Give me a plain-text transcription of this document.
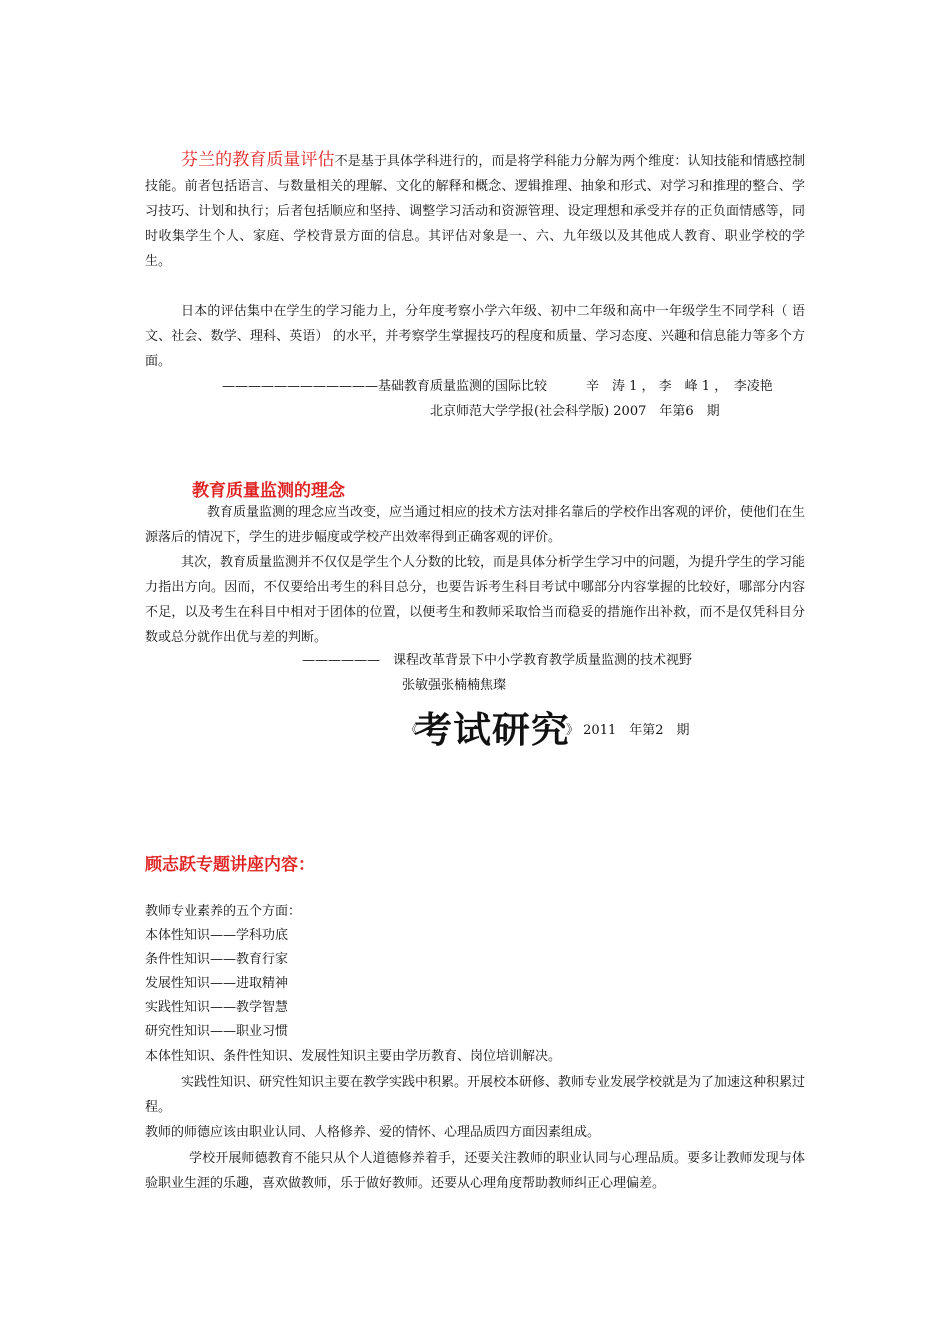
芬兰的教育质量评估不是基于具体学科进行的，而是将学科能力分解为两个维度：认知技能和情感控制技能。前者包括语言、与数量相关的理解、文化的解释和概念、逻辑推理、抽象和形式、对学习和推理的整合、学习技巧、计划和执行；后者包括顺应和坚持、调整学习活动和资源管理、设定理想和承受并存的正负面情感等，同时收集学生个人、家庭、学校背景方面的信息。其评估对象是一、六、九年级以及其他成人教育、职业学校的学生。

日本的评估集中在学生的学习能力上，分年度考察小学六年级、初中二年级和高中一年级学生不同学科（ 语文、社会、数学、理科、英语） 的水平，并考察学生掌握技巧的程度和质量、学习态度、兴趣和信息能力等多个方面。

————————————基础教育质量监测的国际比较　　　辛　涛 1 ， 李　峰 1 ，　李凌艳
北京师范大学学报(社会科学版) 2007　年第6　期
教育质量监测的理念

教育质量监测的理念应当改变，应当通过相应的技术方法对排名靠后的学校作出客观的评价，使他们在生源落后的情况下，学生的进步幅度或学校产出效率得到正确客观的评价。

其次，教育质量监测并不仅仅是学生个人分数的比较，而是具体分析学生学习中的问题，为提升学生的学习能力指出方向。因而，不仅要给出考生的科目总分，也要告诉考生科目考试中哪部分内容掌握的比较好，哪部分内容不足，以及考生在科目中相对于团体的位置，以便考生和教师采取恰当而稳妥的措施作出补救，而不是仅凭科目分数或总分就作出优与差的判断。

——————　课程改革背景下中小学教育教学质量监测的技术视野
张敏强张楠楠焦璨
《考试研究》 2011　年第2　期
顾志跃专题讲座内容：
教师专业素养的五个方面：
本体性知识——学科功底
条件性知识——教育行家
发展性知识——进取精神
实践性知识——教学智慧
研究性知识——职业习惯
本体性知识、条件性知识、发展性知识主要由学历教育、岗位培训解决。

实践性知识、研究性知识主要在教学实践中积累。开展校本研修、教师专业发展学校就是为了加速这种积累过程。

教师的师德应该由职业认同、人格修养、爱的情怀、心理品质四方面因素组成。

学校开展师德教育不能只从个人道德修养着手，还要关注教师的职业认同与心理品质。要多让教师发现与体验职业生涯的乐趣，喜欢做教师，乐于做好教师。还要从心理角度帮助教师纠正心理偏差。
